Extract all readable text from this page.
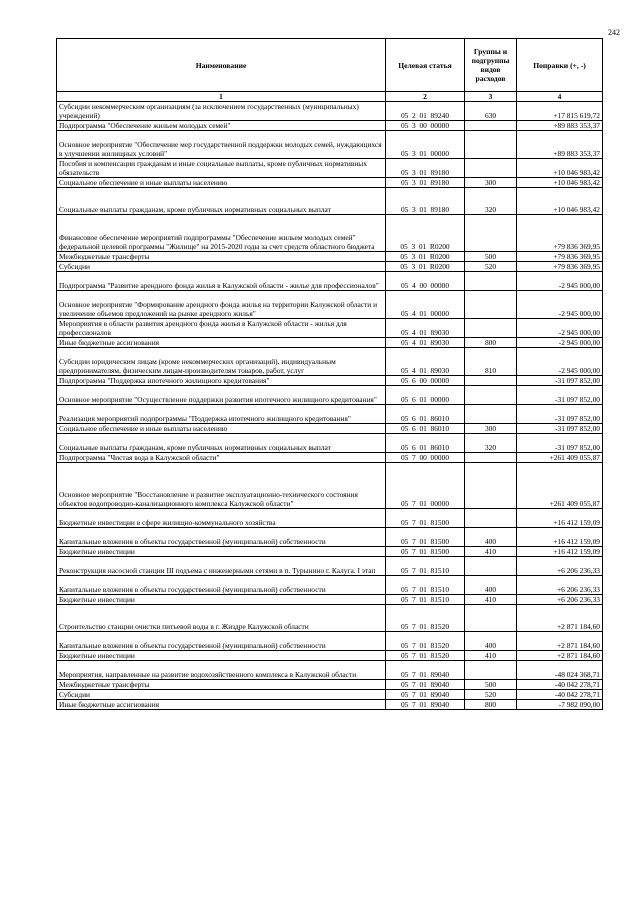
242
Наименование	Целевая статья	Группы и подгруппы видов расходов	Поправки (+, -)
1	2	3	4
Субсидии некоммерческим организациям (за исключением государственных (муниципальных) учреждений)	05  2  01  89240	630	+17 815 619,72
Подпрограмма "Обеспечение жильем молодых семей"	05  3  00  00000		+89 883 353,37
Основное мероприятие "Обеспечение мер государственной поддержки молодых семей, нуждающихся в улучшении жилищных условий"	05  3  01  00000		+89 883 353,37
Пособия и компенсации гражданам и иные социальные выплаты, кроме публичных нормативных обязательств	05  3  01  89180		+10 046 983,42
Социальное обеспечение и иные выплаты населению	05  3  01  89180	300	+10 046 983,42
Социальные выплаты гражданам, кроме публичных нормативных социальных выплат	05  3  01  89180	320	+10 046 983,42
Финансовое обеспечение мероприятий подпрограммы "Обеспечение жильем молодых семей" федеральной целевой программы "Жилище" на 2015-2020 годы за счет средств областного бюджета	05  3  01  R0200		+79 836 369,95
Межбюджетные трансферты	05  3  01  R0200	500	+79 836 369,95
Субсидии	05  3  01  R0200	520	+79 836 369,95
Подпрограмма "Развитие арендного фонда жилья в Калужской области - жилье для профессионалов"	05  4  00  00000		-2 945 000,00
Основное мероприятие "Формирование арендного фонда жилья на территории Калужской области и увеличение объемов предложений на рынке арендного жилья"	05  4  01  00000		-2 945 000,00
Мероприятия в области развития арендного фонда жилья в Калужской области - жилья для профессионалов	05  4  01  89030		-2 945 000,00
Иные бюджетные ассигнования	05  4  01  89030	800	-2 945 000,00
Субсидии юридическим лицам (кроме некоммерческих организаций), индивидуальным предпринимателям, физическим лицам-производителям товаров, работ, услуг	05  4  01  89030	810	-2 945 000,00
Подпрограмма "Поддержка ипотечного жилищного кредитования"	05  6  00  00000		-31 097 852,00
Основное мероприятие "Осуществление поддержки развития ипотечного жилищного кредитования"	05  6  01  00000		-31 097 852,00
Реализация мероприятий подпрограммы "Поддержка ипотечного жилищного кредитования"	05  6  01  86010		-31 097 852,00
Социальное обеспечение и иные выплаты населению	05  6  01  86010	300	-31 097 852,00
Социальные выплаты гражданам, кроме публичных нормативных социальных выплат	05  6  01  86010	320	-31 097 852,00
Подпрограмма "Чистая вода в Калужской области"	05  7  00  00000		+261 409 055,87
Основное мероприятие "Восстановление и развитие эксплуатационно-технического состояния объектов водопроводно-канализационного комплекса Калужской области"	05  7  01  00000		+261 409 055,87
Бюджетные инвестиции в сфере жилищно-коммунального хозяйства	05  7  01  81500		+16 412 159,09
Капитальные вложения в объекты государственной (муниципальной) собственности	05  7  01  81500	400	+16 412 159,09
Бюджетные инвестиции	05  7  01  81500	410	+16 412 159,09
Реконструкция насосной станции III подъема с инженерными сетями в п. Турынино г. Калуга. I этап	05  7  01  81510		+6 206 236,33
Капитальные вложения в объекты государственной (муниципальной) собственности	05  7  01  81510	400	+6 206 236,33
Бюджетные инвестиции	05  7  01  81510	410	+6 206 236,33
Строительство станции очистки питьевой воды в г. Жиздре Калужской области	05  7  01  81520		+2 871 184,60
Капитальные вложения в объекты государственной (муниципальной) собственности	05  7  01  81520	400	+2 871 184,60
Бюджетные инвестиции	05  7  01  81520	410	+2 871 184,60
Мероприятия, направленные на развитие водохозяйственного комплекса в Калужской области	05  7  01  89040		-48 024 368,71
Межбюджетные трансферты	05  7  01  89040	500	-40 042 278,71
Субсидии	05  7  01  89040	520	-40 042 278,71
Иные бюджетные ассигнования	05  7  01  89040	800	-7 982 090,00
